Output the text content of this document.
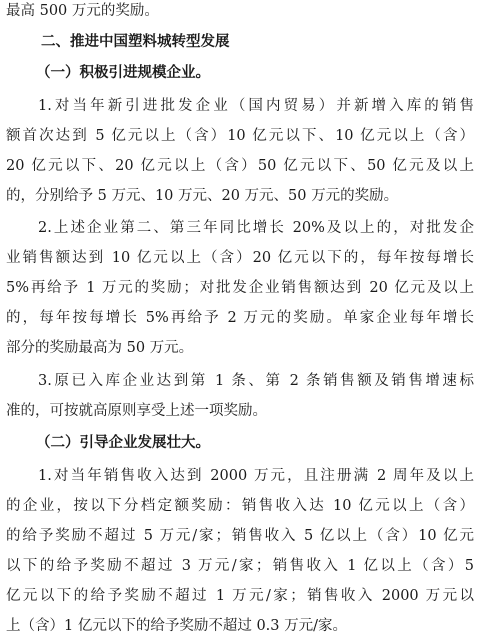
最高 500 万元的奖励。
二、推进中国塑料城转型发展
（一）积极引进规模企业。
1.对当年新引进批发企业（国内贸易）并新增入库的销售
额首次达到 5 亿元以上（含）10 亿元以下、10 亿元以上（含）
20 亿元以下、20 亿元以上（含）50 亿元以下、50 亿元及以上
的，分别给予 5 万元、10 万元、20 万元、50 万元的奖励。
2.上述企业第二、第三年同比增长 20%及以上的，对批发企
业销售额达到 10 亿元以上（含）20 亿元以下的，每年按每增长
5%再给予 1 万元的奖励；对批发企业销售额达到 20 亿元及以上
的，每年按每增长 5%再给予 2 万元的奖励。单家企业每年增长
部分的奖励最高为 50 万元。
3.原已入库企业达到第 1 条、第 2 条销售额及销售增速标
准的，可按就高原则享受上述一项奖励。
（二）引导企业发展壮大。
1.对当年销售收入达到 2000 万元，且注册满 2 周年及以上
的企业，按以下分档定额奖励：销售收入达 10 亿元以上（含）
的给予奖励不超过 5 万元/家；销售收入 5 亿以上（含）10 亿元
以下的给予奖励不超过 3 万元/家；销售收入 1 亿以上（含）5
亿元以下的给予奖励不超过 1 万元/家；销售收入 2000 万元以
上（含）1 亿元以下的给予奖励不超过 0.3 万元/家。
